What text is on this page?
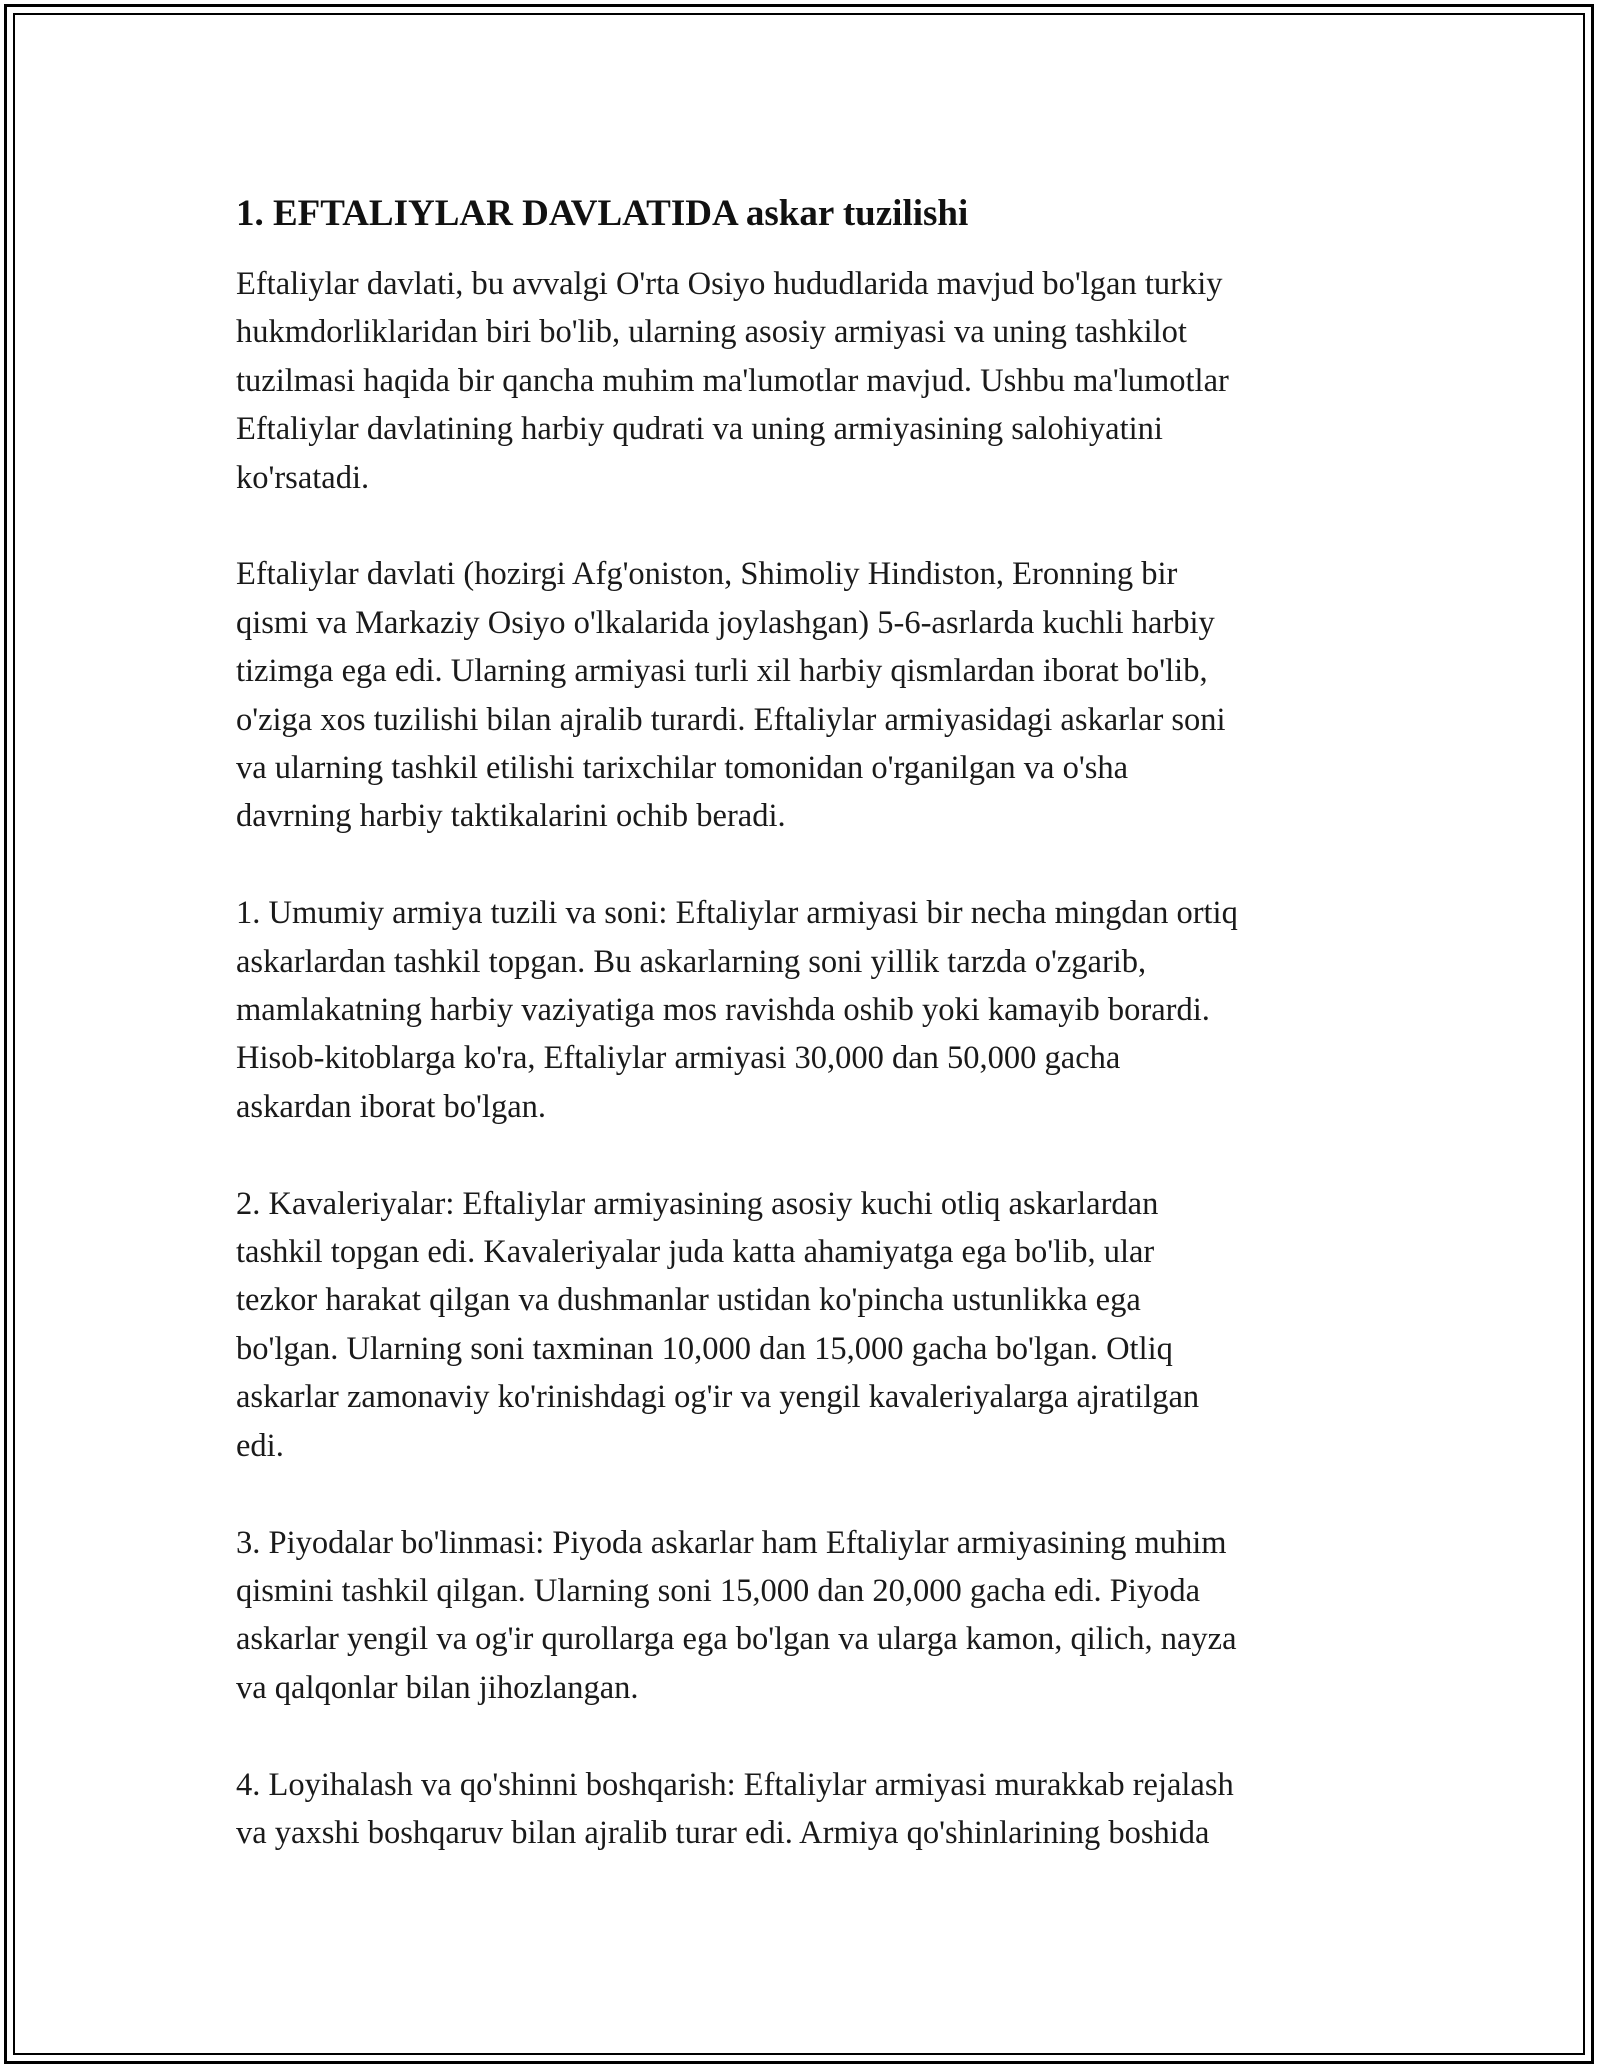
1. EFTALIYLAR DAVLATIDA askar tuzilishi

Eftaliylar davlati, bu avvalgi O'rta Osiyo hududlarida mavjud bo'lgan turkiy
hukmdorliklaridan biri bo'lib, ularning asosiy armiyasi va uning tashkilot
tuzilmasi haqida bir qancha muhim ma'lumotlar mavjud. Ushbu ma'lumotlar
Eftaliylar davlatining harbiy qudrati va uning armiyasining salohiyatini
ko'rsatadi.

Eftaliylar davlati (hozirgi Afg'oniston, Shimoliy Hindiston, Eronning bir
qismi va Markaziy Osiyo o'lkalarida joylashgan) 5-6-asrlarda kuchli harbiy
tizimga ega edi. Ularning armiyasi turli xil harbiy qismlardan iborat bo'lib,
o'ziga xos tuzilishi bilan ajralib turardi. Eftaliylar armiyasidagi askarlar soni
va ularning tashkil etilishi tarixchilar tomonidan o'rganilgan va o'sha
davrning harbiy taktikalarini ochib beradi.

1. Umumiy armiya tuzili va soni: Eftaliylar armiyasi bir necha mingdan ortiq
askarlardan tashkil topgan. Bu askarlarning soni yillik tarzda o'zgarib,
mamlakatning harbiy vaziyatiga mos ravishda oshib yoki kamayib borardi.
Hisob-kitoblarga ko'ra, Eftaliylar armiyasi 30,000 dan 50,000 gacha
askardan iborat bo'lgan.

2. Kavaleriyalar: Eftaliylar armiyasining asosiy kuchi otliq askarlardan
tashkil topgan edi. Kavaleriyalar juda katta ahamiyatga ega bo'lib, ular
tezkor harakat qilgan va dushmanlar ustidan ko'pincha ustunlikka ega
bo'lgan. Ularning soni taxminan 10,000 dan 15,000 gacha bo'lgan. Otliq
askarlar zamonaviy ko'rinishdagi og'ir va yengil kavaleriyalarga ajratilgan
edi.

3. Piyodalar bo'linmasi: Piyoda askarlar ham Eftaliylar armiyasining muhim
qismini tashkil qilgan. Ularning soni 15,000 dan 20,000 gacha edi. Piyoda
askarlar yengil va og'ir qurollarga ega bo'lgan va ularga kamon, qilich, nayza
va qalqonlar bilan jihozlangan.

4. Loyihalash va qo'shinni boshqarish: Eftaliylar armiyasi murakkab rejalash
va yaxshi boshqaruv bilan ajralib turar edi. Armiya qo'shinlarining boshida
